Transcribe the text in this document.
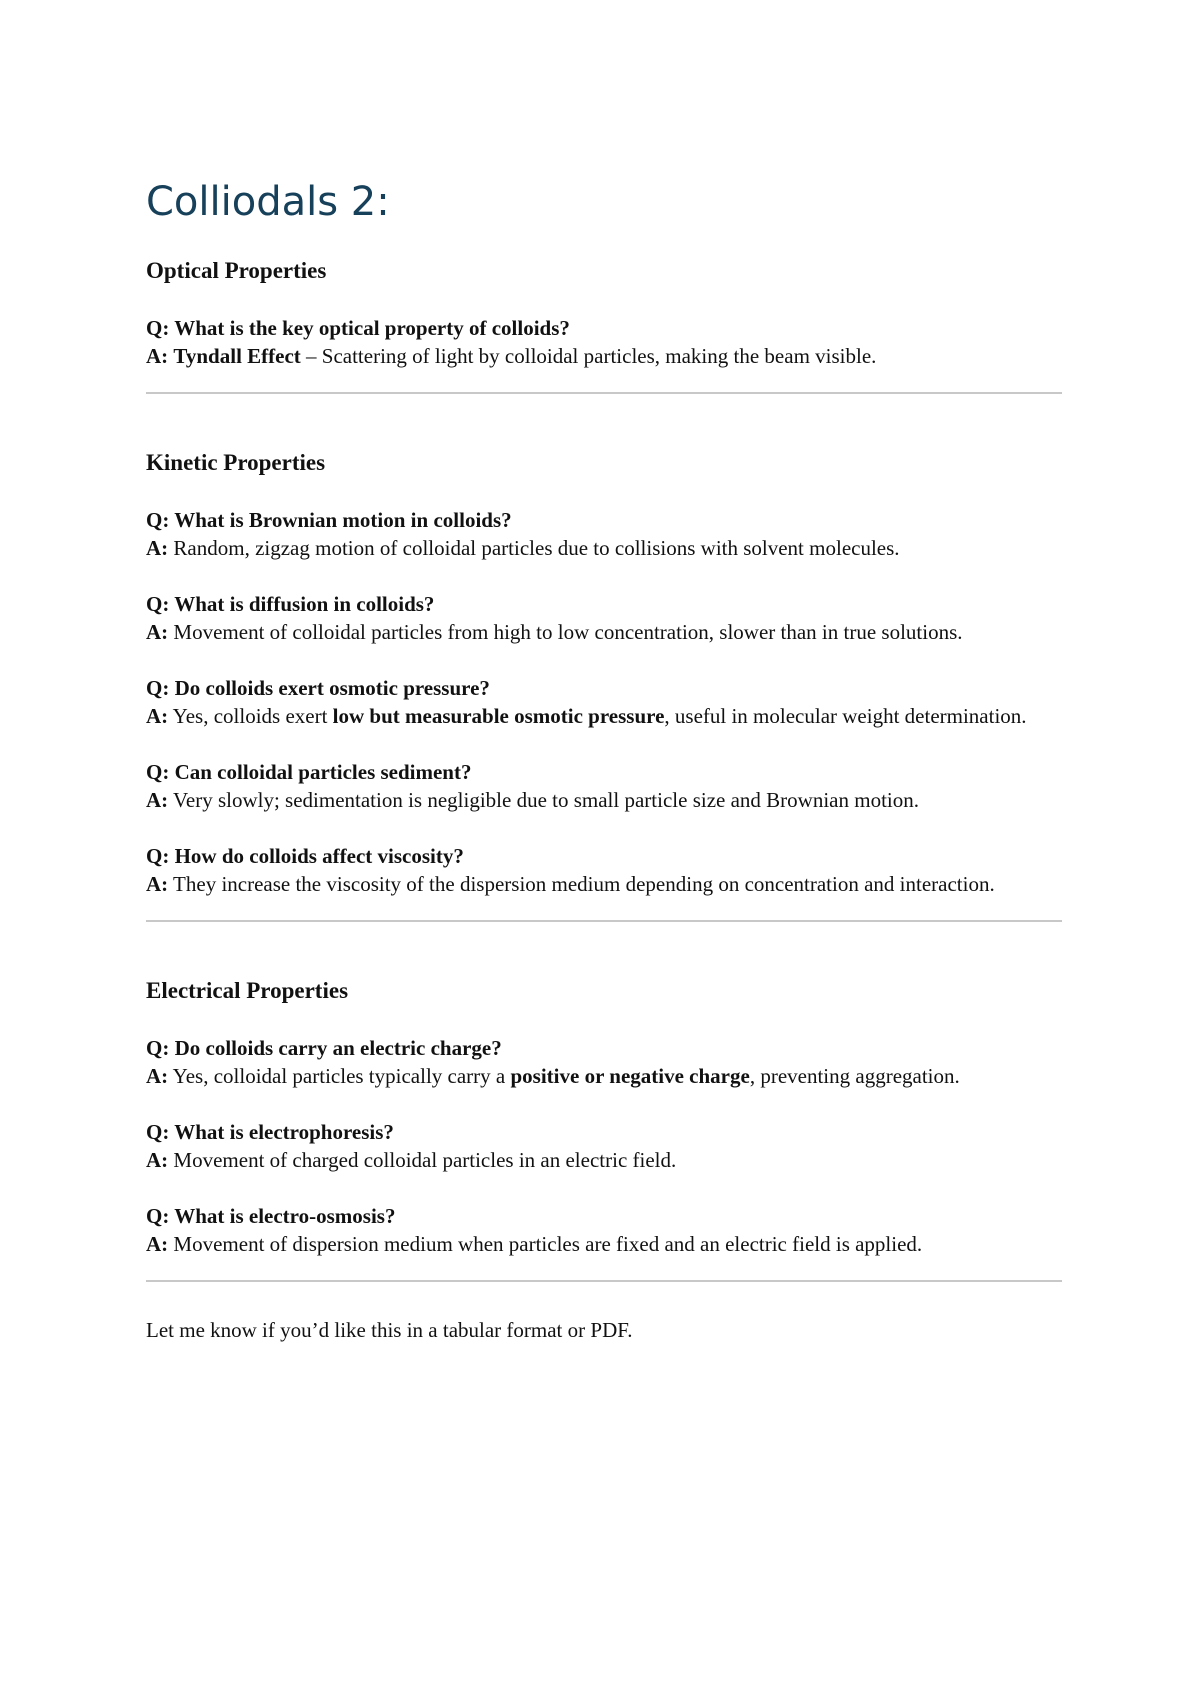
Colliodals 2:
Optical Properties
Q: What is the key optical property of colloids?
A: Tyndall Effect – Scattering of light by colloidal particles, making the beam visible.
Kinetic Properties
Q: What is Brownian motion in colloids?
A: Random, zigzag motion of colloidal particles due to collisions with solvent molecules.
Q: What is diffusion in colloids?
A: Movement of colloidal particles from high to low concentration, slower than in true solutions.
Q: Do colloids exert osmotic pressure?
A: Yes, colloids exert low but measurable osmotic pressure, useful in molecular weight determination.
Q: Can colloidal particles sediment?
A: Very slowly; sedimentation is negligible due to small particle size and Brownian motion.
Q: How do colloids affect viscosity?
A: They increase the viscosity of the dispersion medium depending on concentration and interaction.
Electrical Properties
Q: Do colloids carry an electric charge?
A: Yes, colloidal particles typically carry a positive or negative charge, preventing aggregation.
Q: What is electrophoresis?
A: Movement of charged colloidal particles in an electric field.
Q: What is electro-osmosis?
A: Movement of dispersion medium when particles are fixed and an electric field is applied.
Let me know if you’d like this in a tabular format or PDF.
